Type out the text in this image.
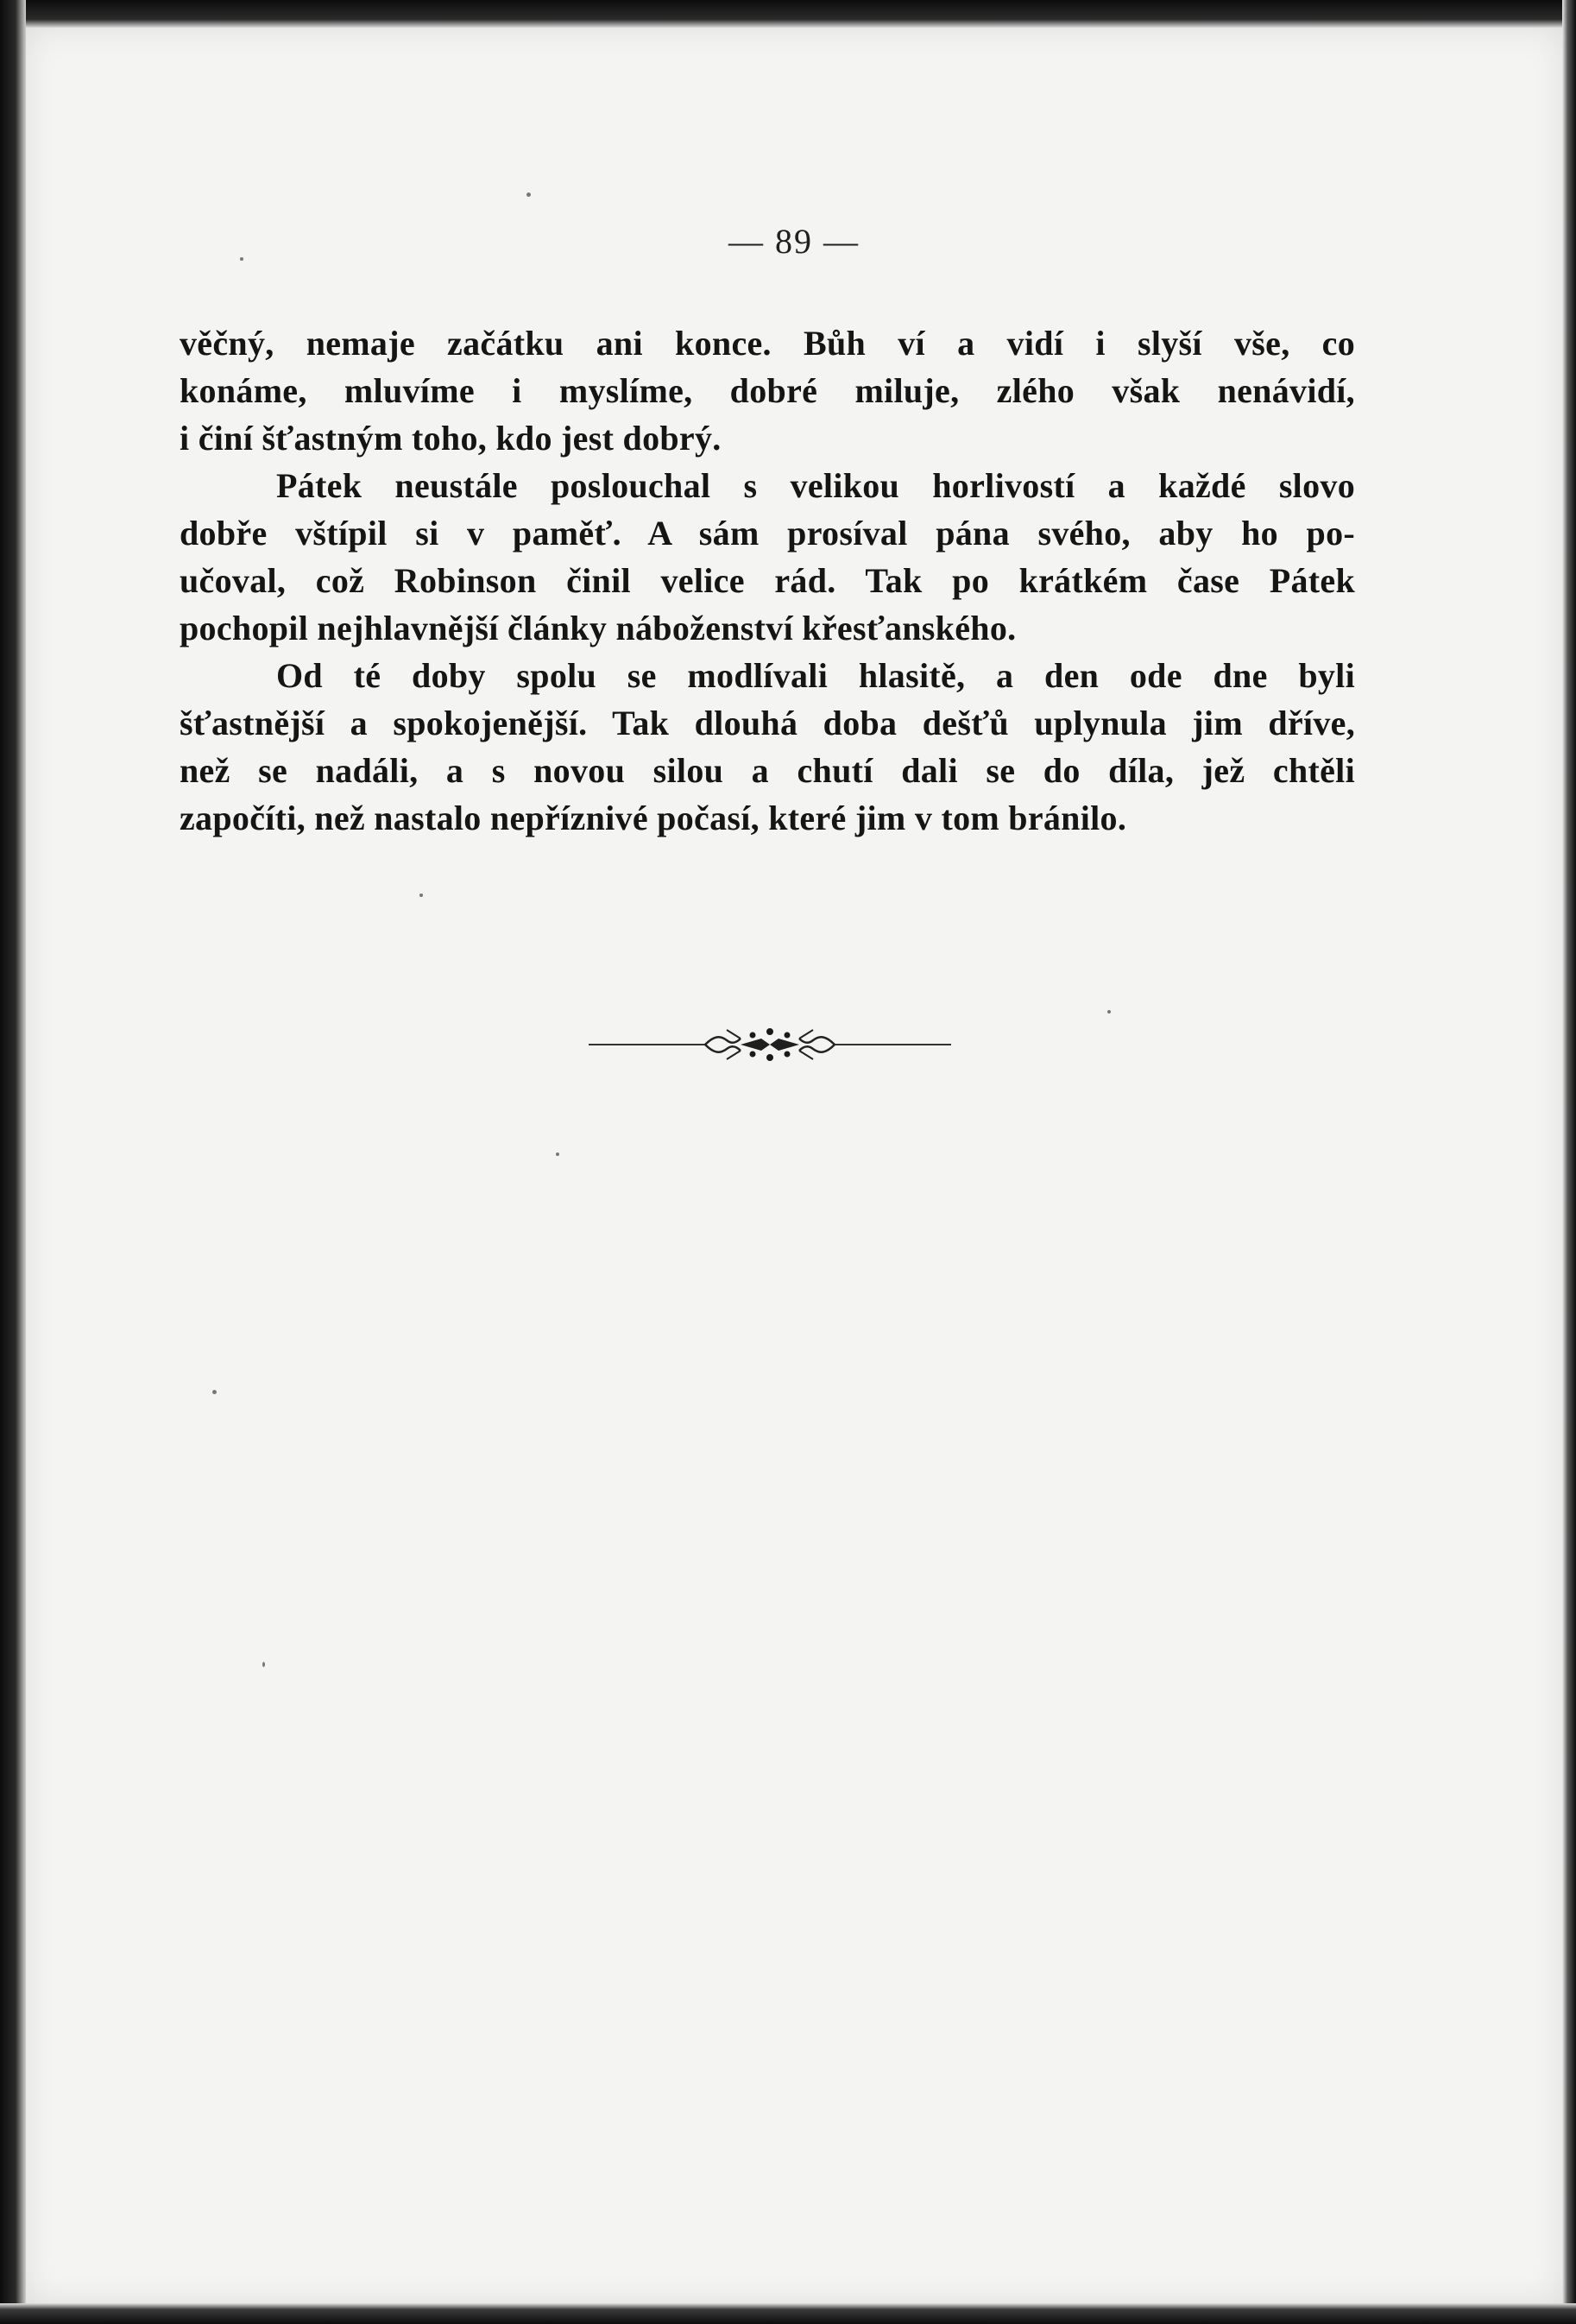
— 89 —
věčný, nemaje začátku ani konce. Bůh ví a vidí i slyší vše, co
konáme, mluvíme i myslíme, dobré miluje, zlého však nenávidí,
i činí šťastným toho, kdo jest dobrý.
Pátek neustále poslouchal s velikou horlivostí a každé slovo
dobře vštípil si v paměť. A sám prosíval pána svého, aby ho po-
učoval, což Robinson činil velice rád. Tak po krátkém čase Pátek
pochopil nejhlavnější články náboženství křesťanského.
Od té doby spolu se modlívali hlasitě, a den ode dne byli
šťastnější a spokojenější. Tak dlouhá doba dešťů uplynula jim dříve,
než se nadáli, a s novou silou a chutí dali se do díla, jež chtěli
započíti, než nastalo nepříznivé počasí, které jim v tom bránilo.
